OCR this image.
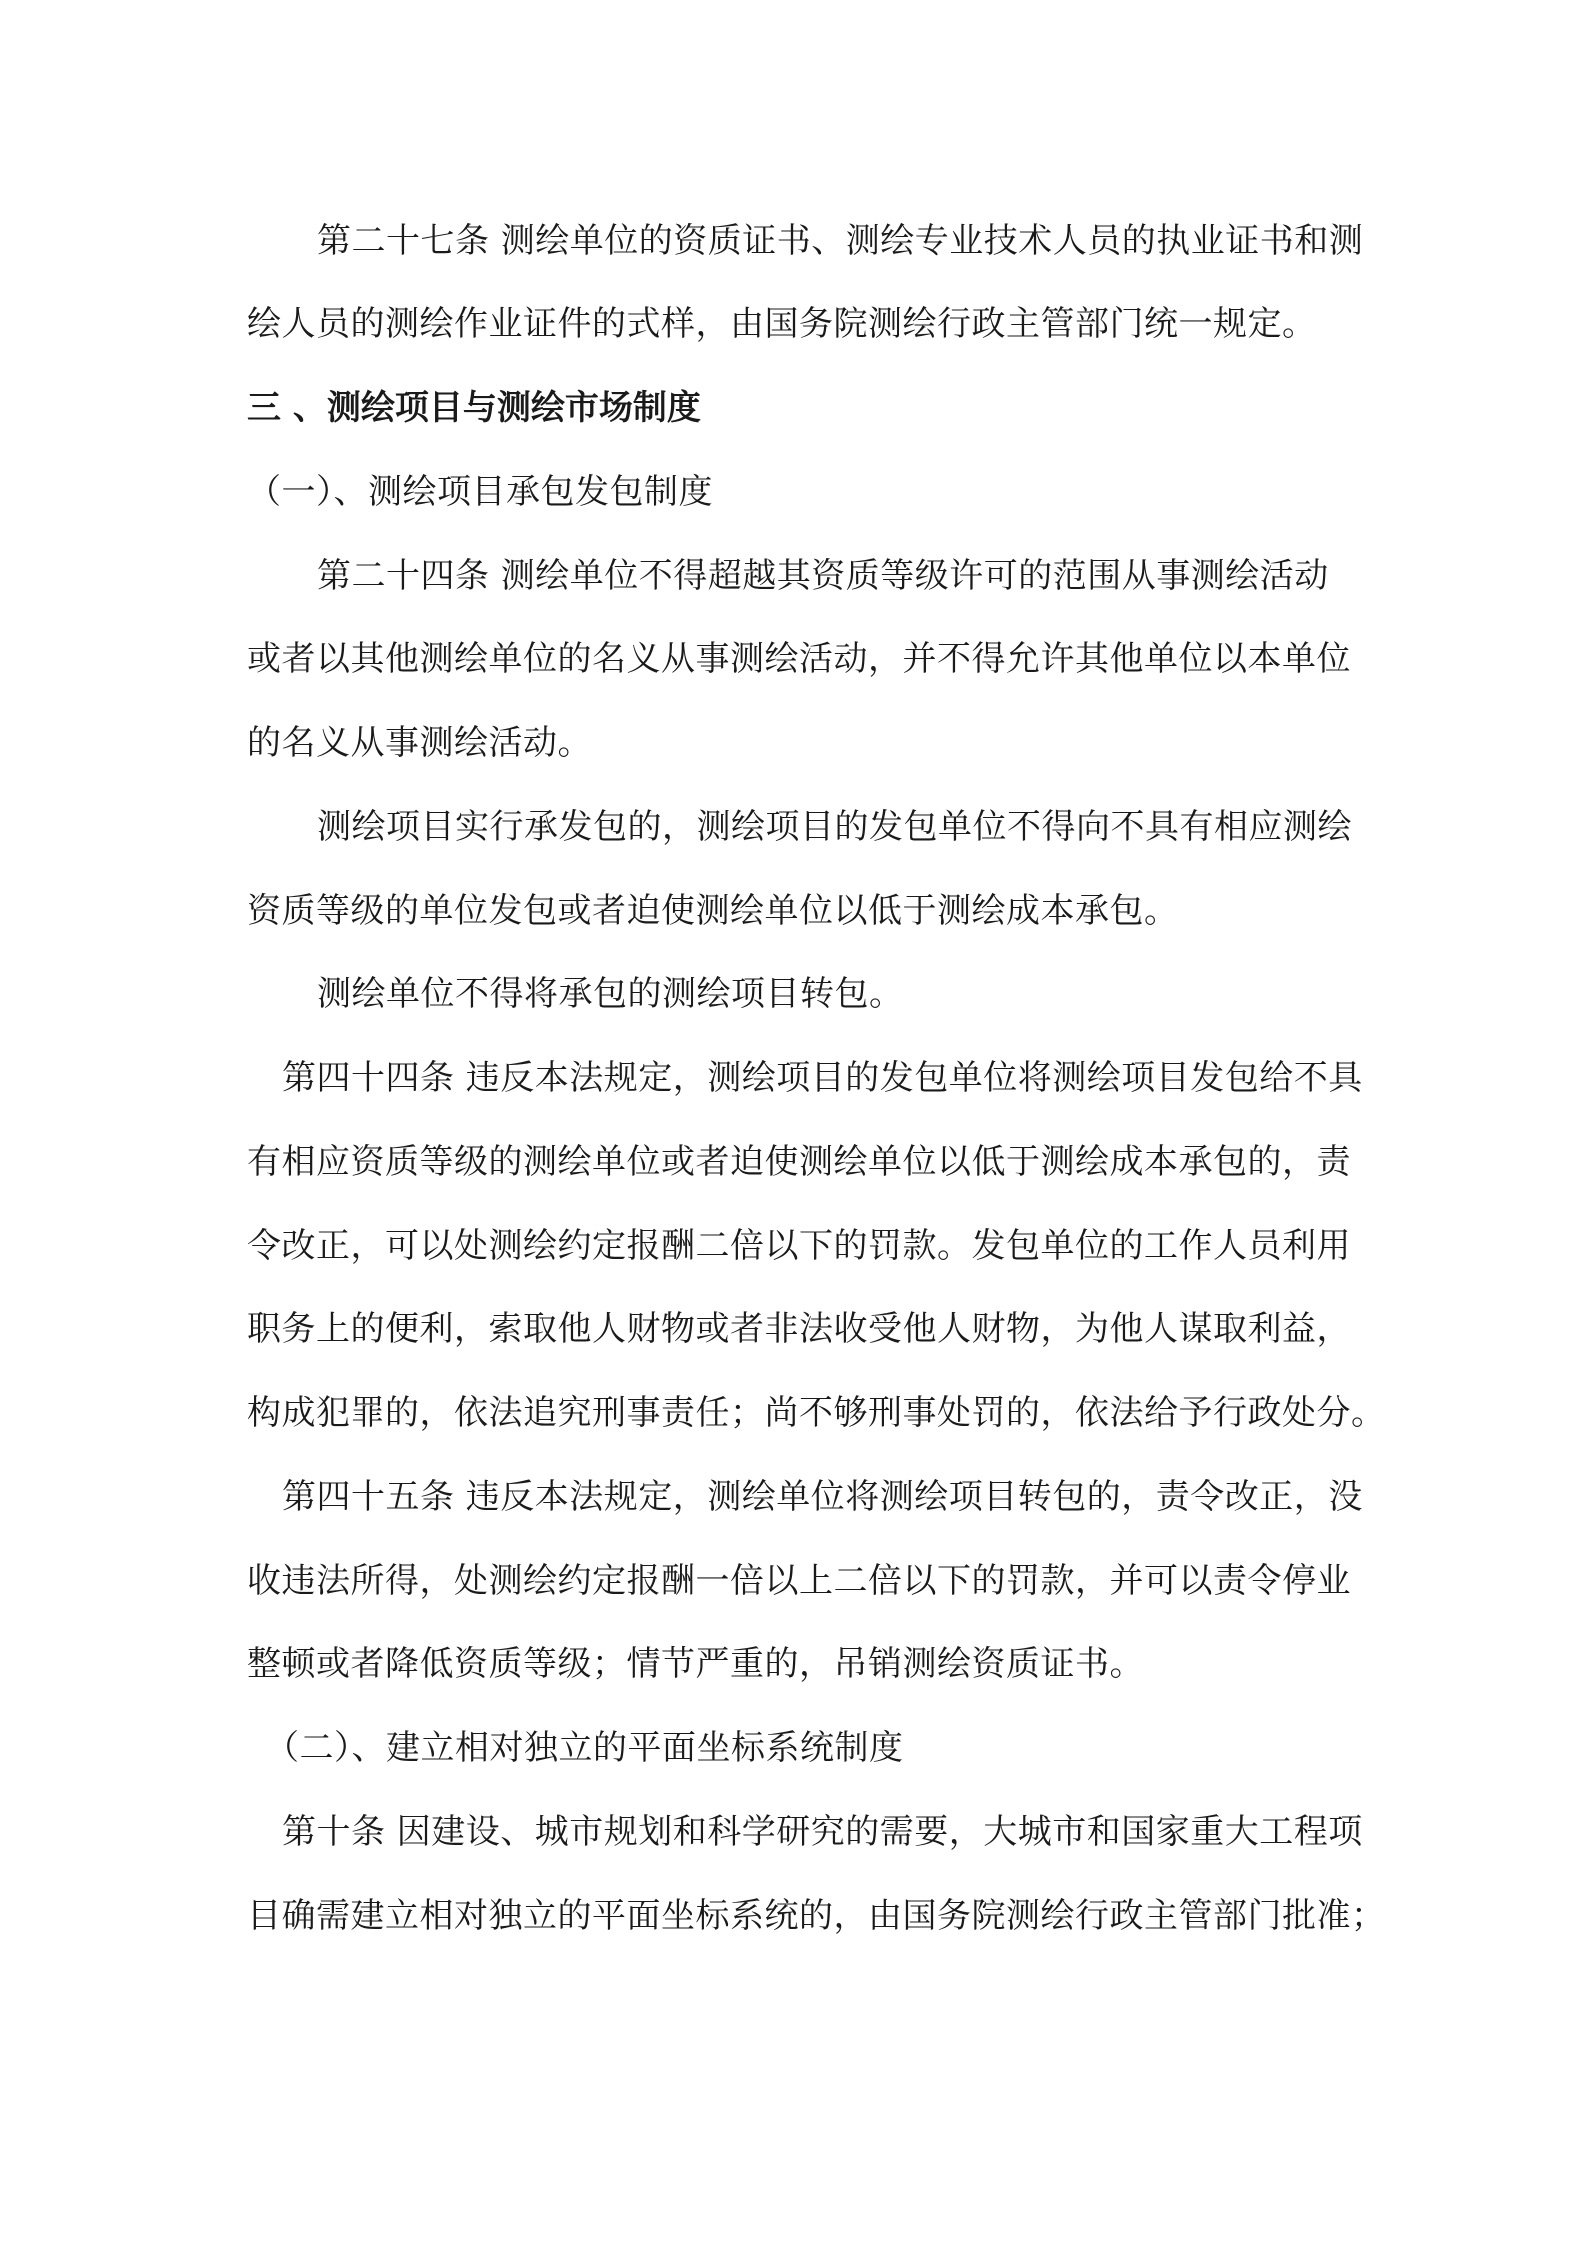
第二十七条 测绘单位的资质证书、测绘专业技术人员的执业证书和测
绘人员的测绘作业证件的式样，由国务院测绘行政主管部门统一规定。
三 、测绘项目与测绘市场制度
（一）、测绘项目承包发包制度
第二十四条 测绘单位不得超越其资质等级许可的范围从事测绘活动
或者以其他测绘单位的名义从事测绘活动，并不得允许其他单位以本单位
的名义从事测绘活动。
测绘项目实行承发包的，测绘项目的发包单位不得向不具有相应测绘
资质等级的单位发包或者迫使测绘单位以低于测绘成本承包。
测绘单位不得将承包的测绘项目转包。
第四十四条 违反本法规定，测绘项目的发包单位将测绘项目发包给不具
有相应资质等级的测绘单位或者迫使测绘单位以低于测绘成本承包的，责
令改正，可以处测绘约定报酬二倍以下的罚款。发包单位的工作人员利用
职务上的便利，索取他人财物或者非法收受他人财物，为他人谋取利益，
构成犯罪的，依法追究刑事责任；尚不够刑事处罚的，依法给予行政处分。
第四十五条 违反本法规定，测绘单位将测绘项目转包的，责令改正，没
收违法所得，处测绘约定报酬一倍以上二倍以下的罚款，并可以责令停业
整顿或者降低资质等级；情节严重的，吊销测绘资质证书。
（二）、建立相对独立的平面坐标系统制度
第十条 因建设、城市规划和科学研究的需要，大城市和国家重大工程项
目确需建立相对独立的平面坐标系统的，由国务院测绘行政主管部门批准；
